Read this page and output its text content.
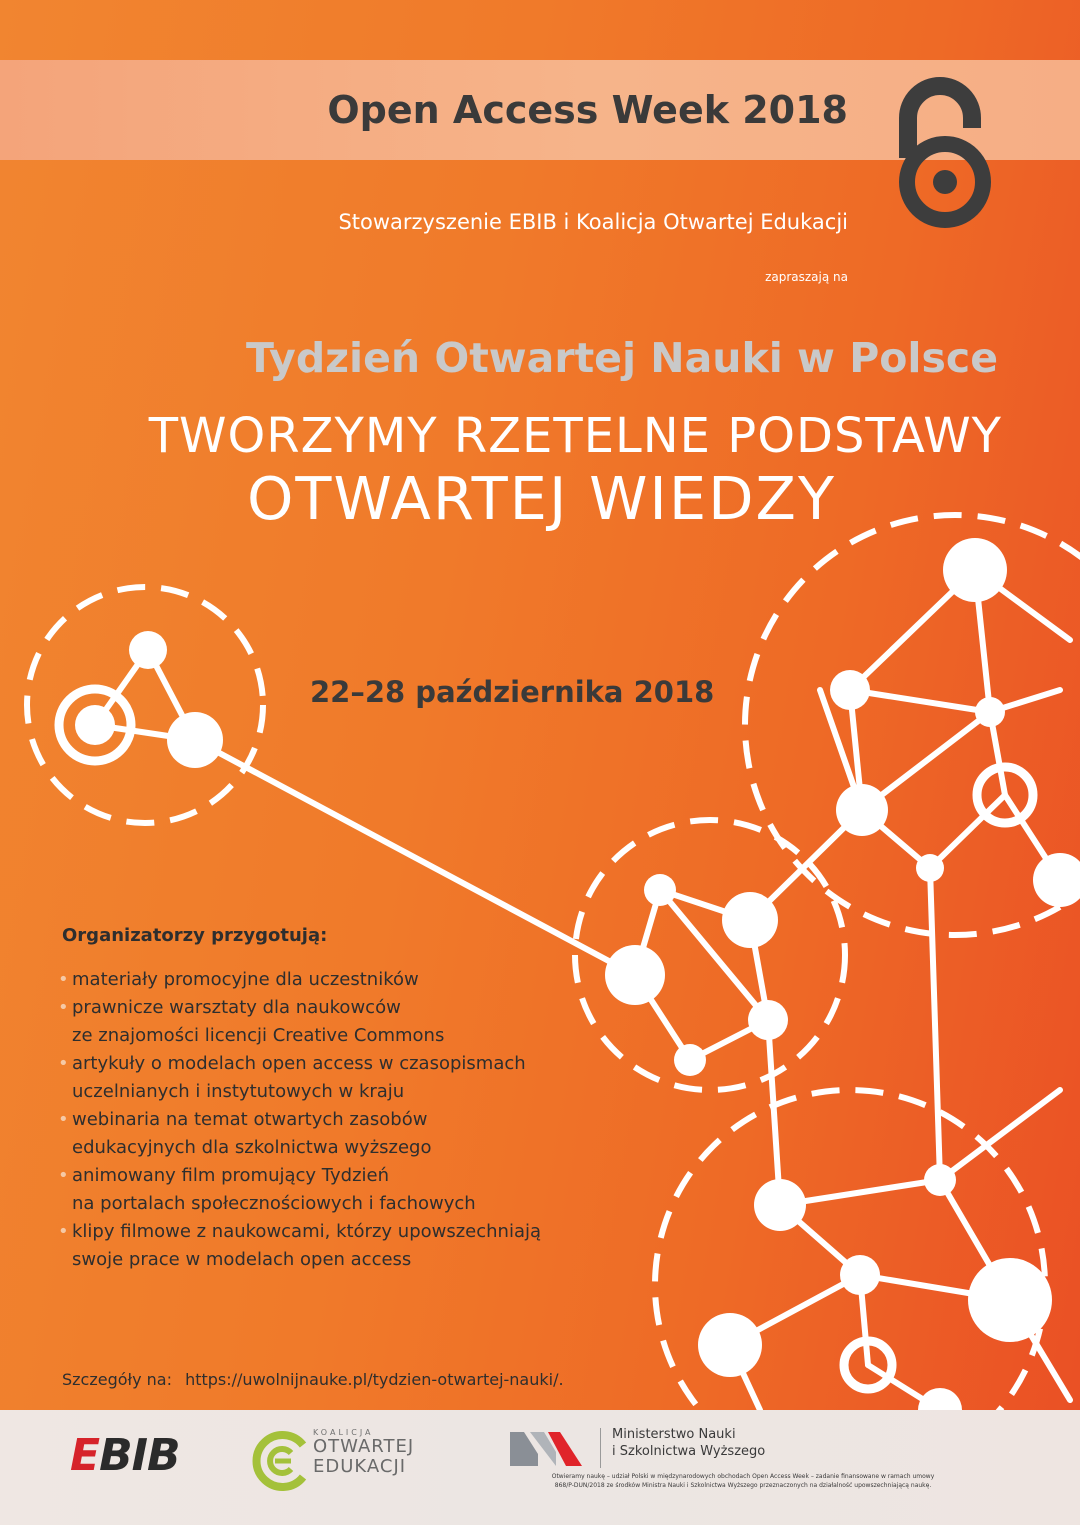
Open Access Week 2018
Stowarzyszenie EBIB i Koalicja Otwartej Edukacji
zapraszają na
Tydzień Otwartej Nauki w Polsce
TWORZYMY RZETELNE PODSTAWY
OTWARTEJ WIEDZY
22–28 października 2018
Organizatorzy przygotują:
• materiały promocyjne dla uczestników
• prawnicze warsztaty dla naukowców
ze znajomości licencji Creative Commons
• artykuły o modelach open access w czasopismach
uczelnianych i instytutowych w kraju
• webinaria na temat otwartych zasobów
edukacyjnych dla szkolnictwa wyższego
• animowany film promujący Tydzień
na portalach społecznościowych i fachowych
• klipy filmowe z naukowcami, którzy upowszechniają
swoje prace w modelach open access
Szczegóły na: https://uwolnijnauke.pl/tydzien-otwartej-nauki/.
EBIB	KOALICJA
OTWARTEJ
EDUKACJI
Ministerstwo Nauki
i Szkolnictwa Wyższego
Otwieramy naukę – udział Polski w międzynarodowych obchodach Open Access Week – zadanie finansowane w ramach umowy
868/P-DUN/2018 ze środków Ministra Nauki i Szkolnictwa Wyższego przeznaczonych na działalność upowszechniającą naukę.
